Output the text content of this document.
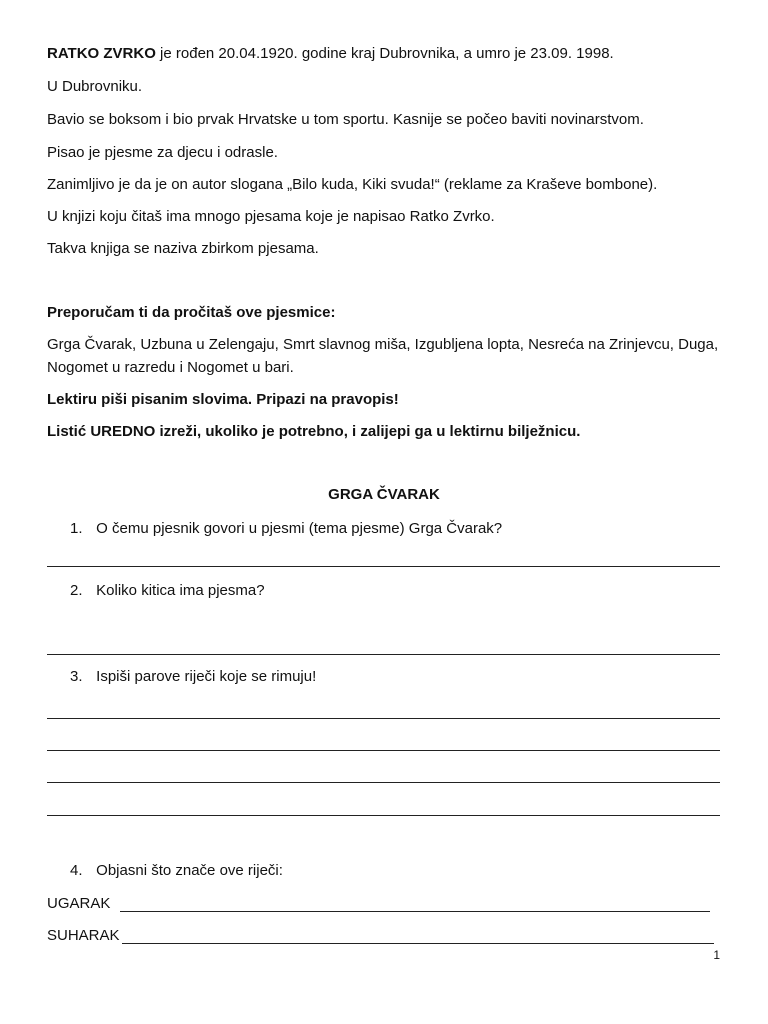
RATKO ZVRKO je rođen 20.04.1920. godine kraj Dubrovnika, a umro je 23.09. 1998.

U Dubrovniku.

Bavio se boksom i bio prvak Hrvatske u tom sportu. Kasnije se počeo baviti novinarstvom.

Pisao je pjesme za djecu i odrasle.

Zanimljivo je da je on autor slogana „Bilo kuda, Kiki svuda!“ (reklame za Kraševe bombone).

U knjizi koju čitaš ima mnogo pjesama koje je napisao Ratko Zvrko.

Takva knjiga se naziva zbirkom pjesama.

Preporučam ti da pročitaš ove pjesmice:

Grga Čvarak, Uzbuna u Zelengaju, Smrt slavnog miša, Izgubljena lopta, Nesreća na Zrinjevcu, Duga, Nogomet u razredu i Nogomet u bari.

Lektiru piši pisanim slovima. Pripazi na pravopis!

Listić UREDNO izreži, ukoliko je potrebno, i zalijepi ga u lektirnu bilježnicu.

GRGA ČVARAK
1. O čemu pjesnik govori u pjesmi (tema pjesme) Grga Čvarak?
2. Koliko kitica ima pjesma?
3. Ispiši parove riječi koje se rimuju!
4. Objasni što znače ove riječi:
UGARAK
SUHARAK
1
